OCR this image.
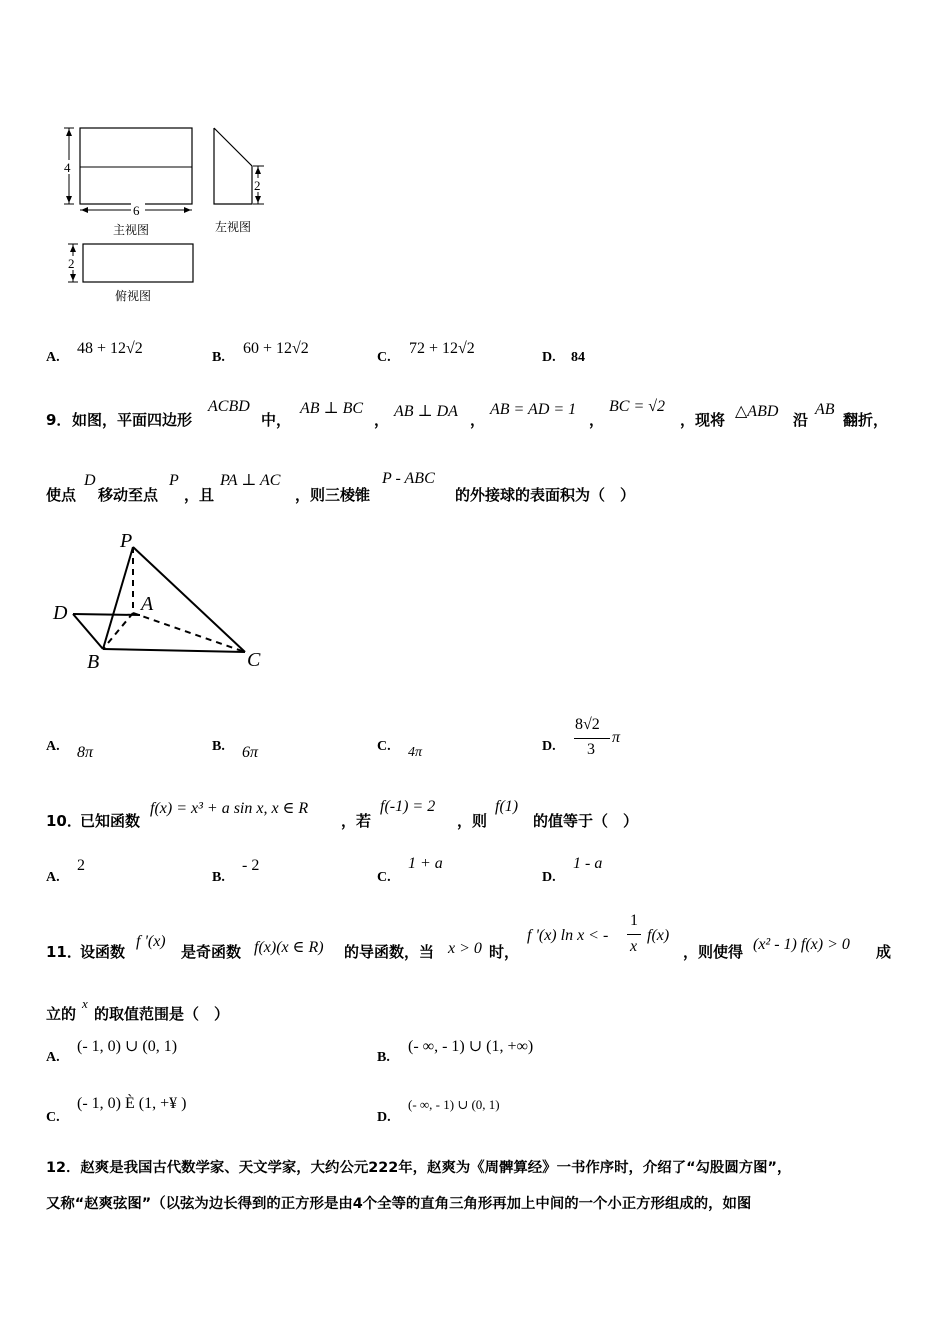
4
6
主视图
2
左视图
2
俯视图
A.
48 + 12√2
B.
60 + 12√2
C.
72 + 12√2
D. 84
9． 如图，平面四边形
ACBD
中，
AB ⊥ BC
， AB ⊥ DA ，
AB = AD = 1
，
BC = √2
，现将 △ABD 沿
AB
翻折，
使点
D
移动至点
P
，且
PA ⊥ AC
，则三棱锥
P - ABC
的外接球的表面积为（　）
P
A
D
B	C
A. 8π	B. 6π	C. 4π	D.
8√2
3
π
10．
已知函数
f(x) = x³ + a sin x, x ∈ R
，若
f(-1) = 2
，则
f(1)
的值等于（　）
A.
2
B.
- 2
C.
1 + a
D.
1 - a
11．
设函数
f '(x)
是奇函数 f(x)(x ∈ R) 的导函数，当 x > 0 时，
f '(x) ln x < -
1
x
f(x)
，则使得 (x² - 1) f(x) > 0 成
立的
x
的取值范围是（　）
A.
(- 1, 0) ∪ (0, 1)
B.
(- ∞, - 1) ∪ (1, +∞)
C.
(- 1, 0) È (1, +¥ )
D.
(- ∞, - 1) ∪ (0, 1)
12．赵爽是我国古代数学家、天文学家，大约公元222年，赵爽为《周髀算经》一书作序时，介绍了“勾股圆方图”，
又称“赵爽弦图”（以弦为边长得到的正方形是由4个全等的直角三角形再加上中间的一个小正方形组成的，如图
